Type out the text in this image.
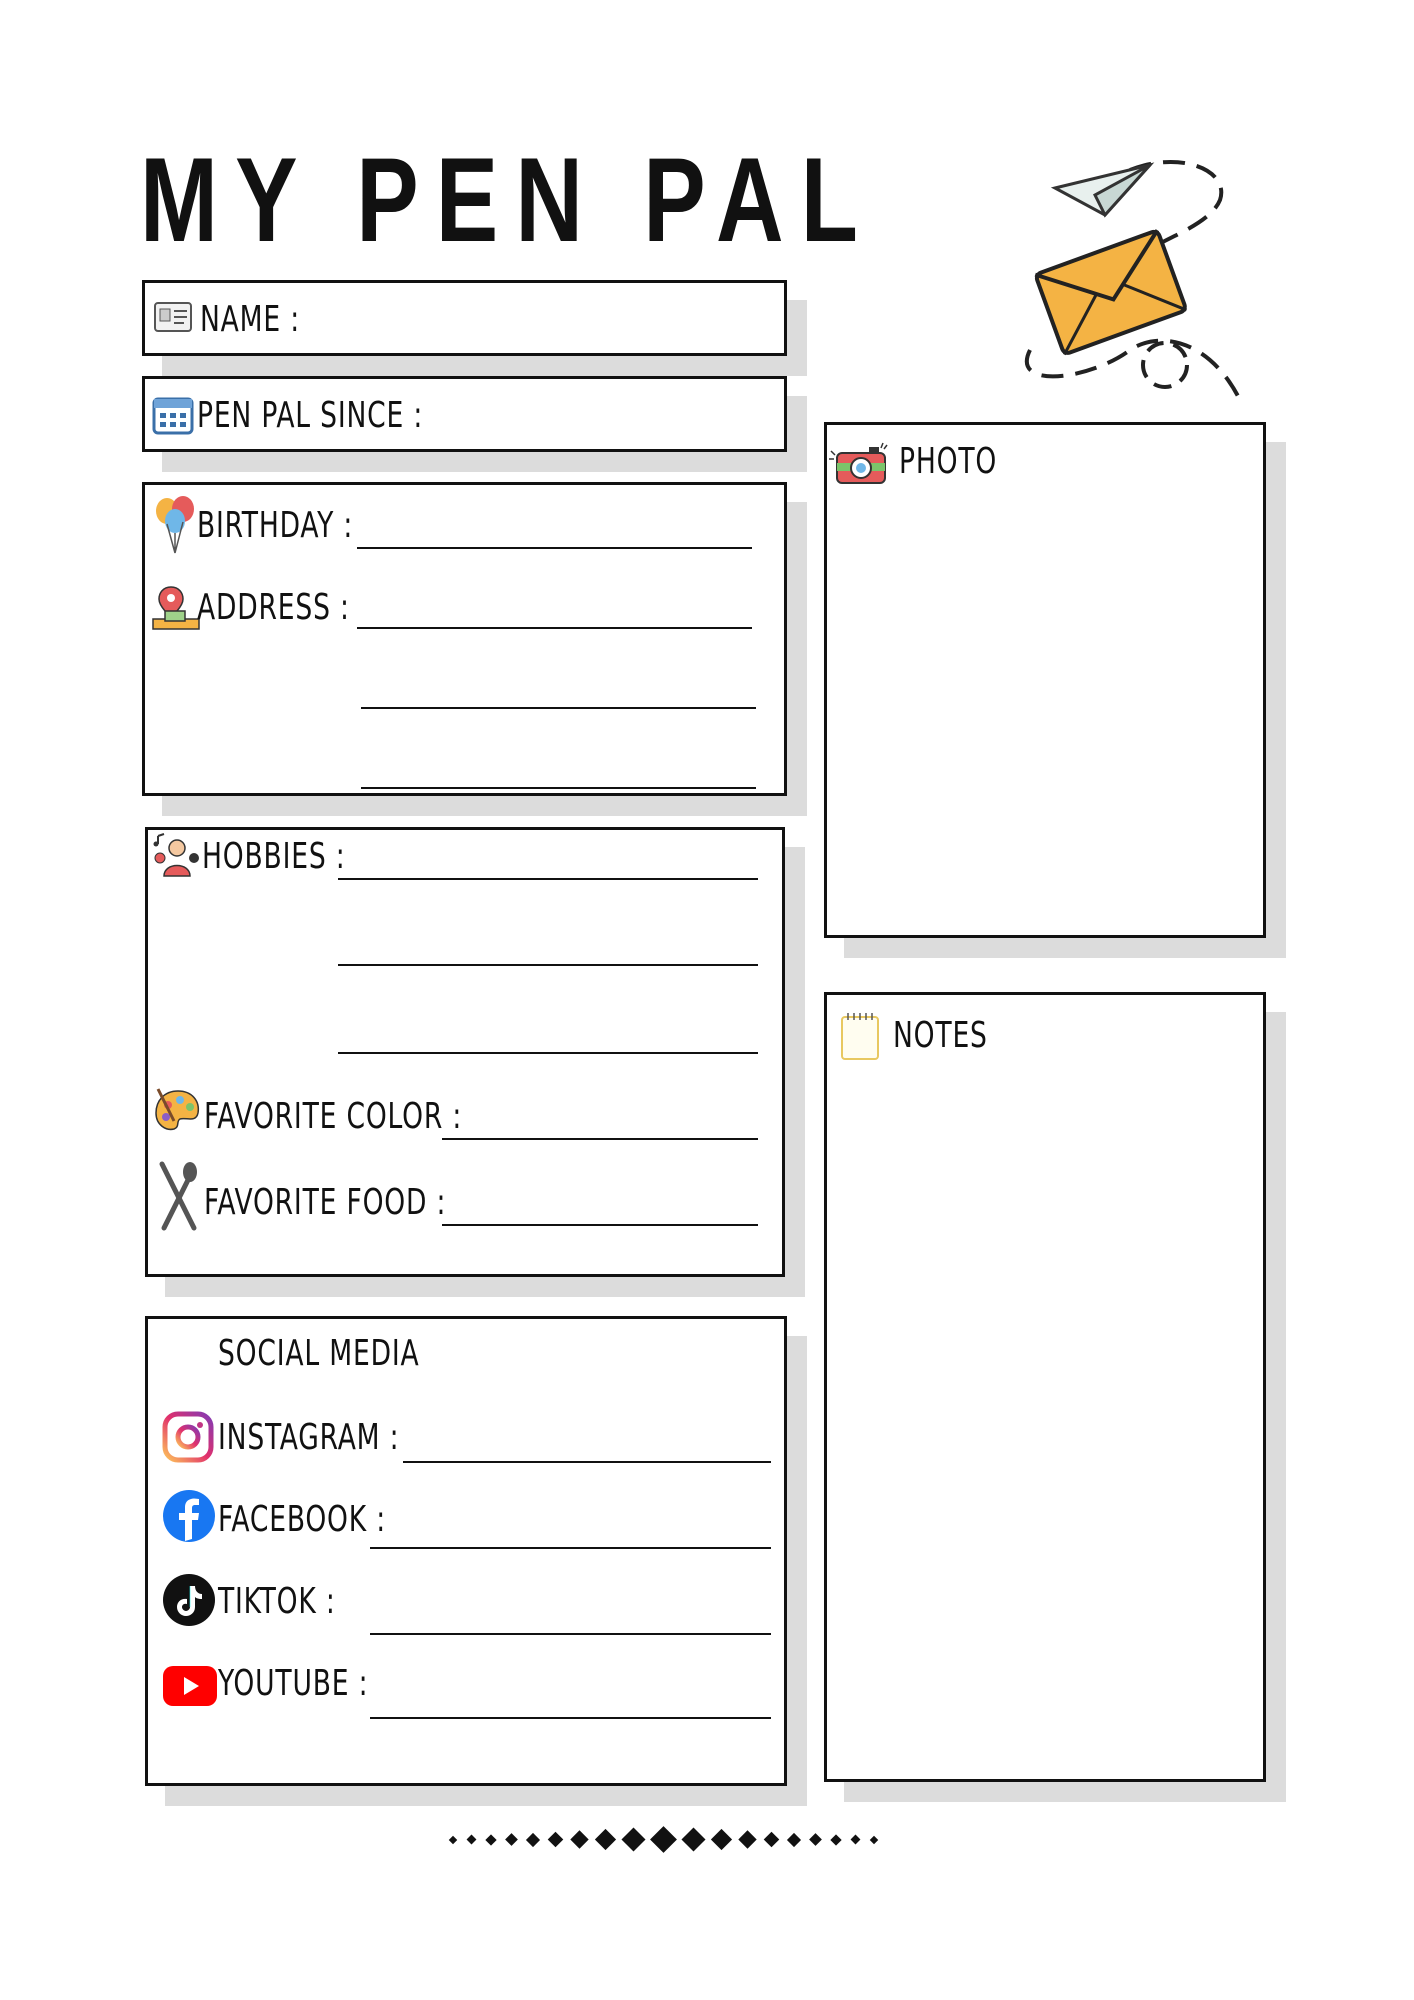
MY PEN PAL
NAME :
PEN PAL SINCE :
BIRTHDAY :
ADDRESS :
HOBBIES :
FAVORITE COLOR :
FAVORITE FOOD :
SOCIAL MEDIA
INSTAGRAM :
FACEBOOK :
TIKTOK :
YOUTUBE :
PHOTO
NOTES
